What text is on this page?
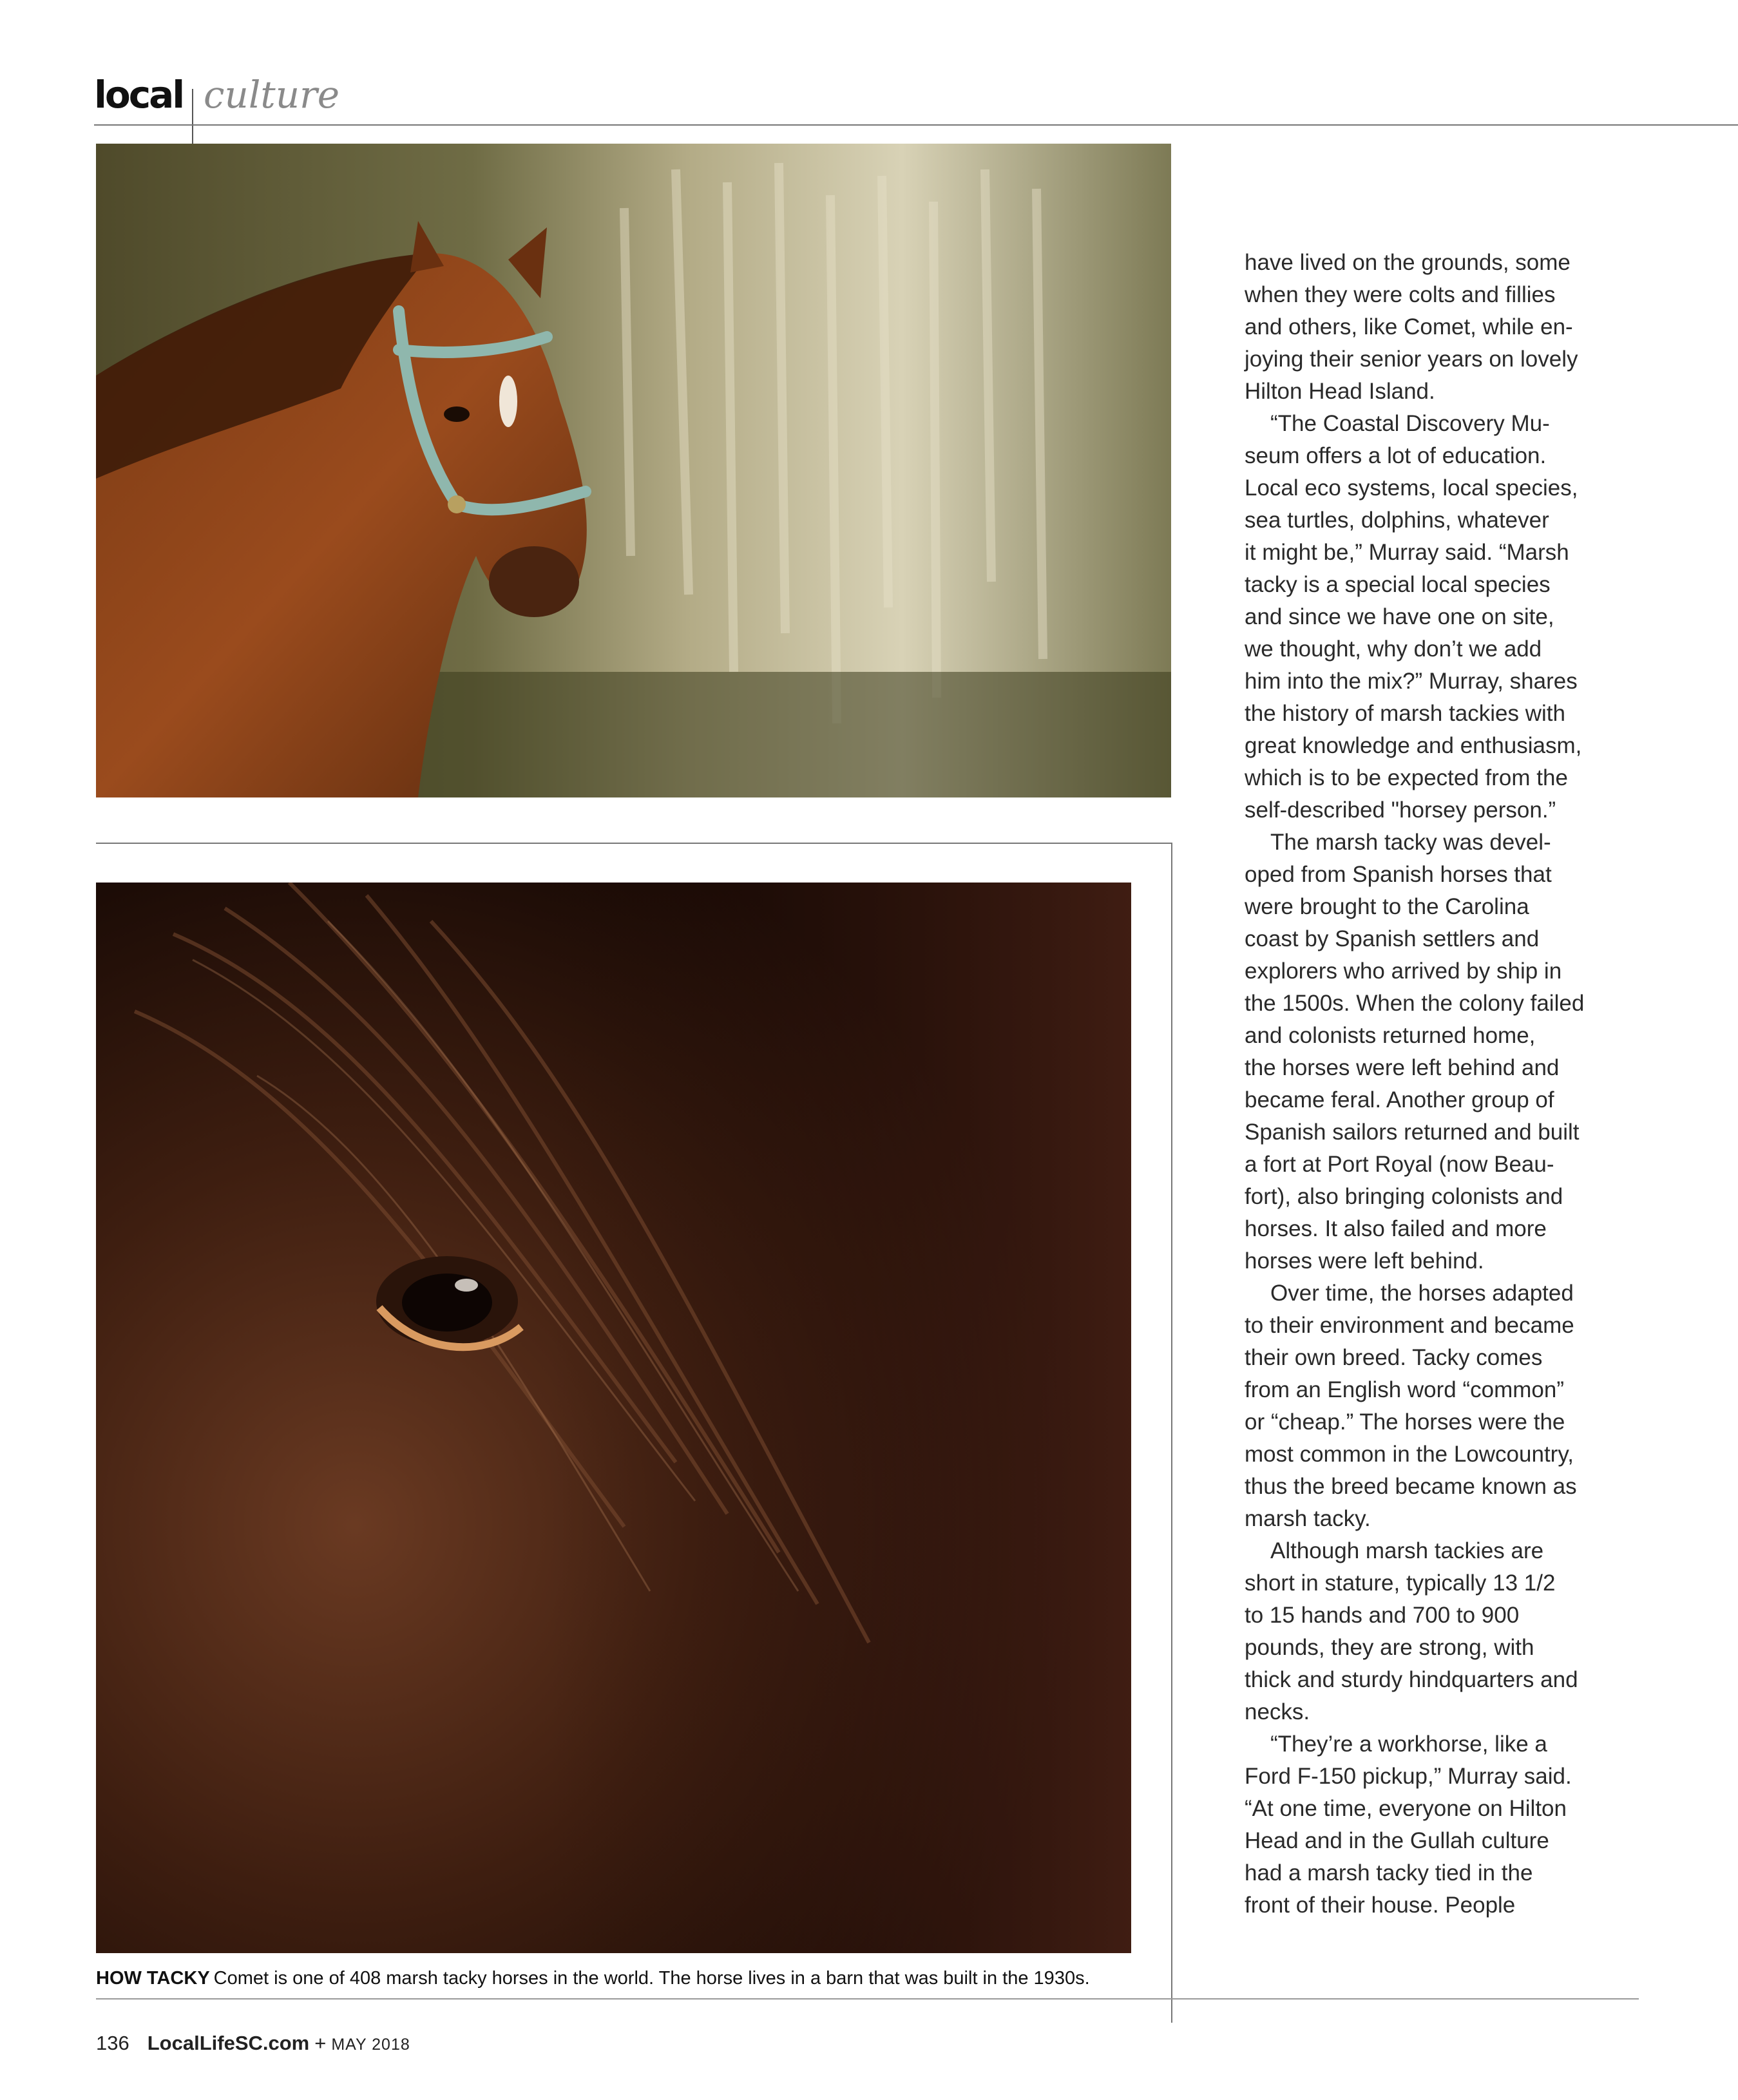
local culture
HOW TACKY Comet is one of 408 marsh tacky horses in the world. The horse lives in a barn that was built in the 1930s.
136 LocalLifeSC.com + MAY 2018
have lived on the grounds, some
when they were colts and fillies
and others, like Comet, while en-
joying their senior years on lovely
Hilton Head Island.
“The Coastal Discovery Mu-
seum offers a lot of education.
Local eco systems, local species,
sea turtles, dolphins, whatever
it might be,” Murray said. “Marsh
tacky is a special local species
and since we have one on site,
we thought, why don’t we add
him into the mix?” Murray, shares
the history of marsh tackies with
great knowledge and enthusiasm,
which is to be expected from the
self-described "horsey person.”
The marsh tacky was devel-
oped from Spanish horses that
were brought to the Carolina
coast by Spanish settlers and
explorers who arrived by ship in
the 1500s. When the colony failed
and colonists returned home,
the horses were left behind and
became feral. Another group of
Spanish sailors returned and built
a fort at Port Royal (now Beau-
fort), also bringing colonists and
horses. It also failed and more
horses were left behind.
Over time, the horses adapted
to their environment and became
their own breed. Tacky comes
from an English word “common”
or “cheap.” The horses were the
most common in the Lowcountry,
thus the breed became known as
marsh tacky.
Although marsh tackies are
short in stature, typically 13 1/2
to 15 hands and 700 to 900
pounds, they are strong, with
thick and sturdy hindquarters and
necks.
“They’re a workhorse, like a
Ford F-150 pickup,” Murray said.
“At one time, everyone on Hilton
Head and in the Gullah culture
had a marsh tacky tied in the
front of their house. People
